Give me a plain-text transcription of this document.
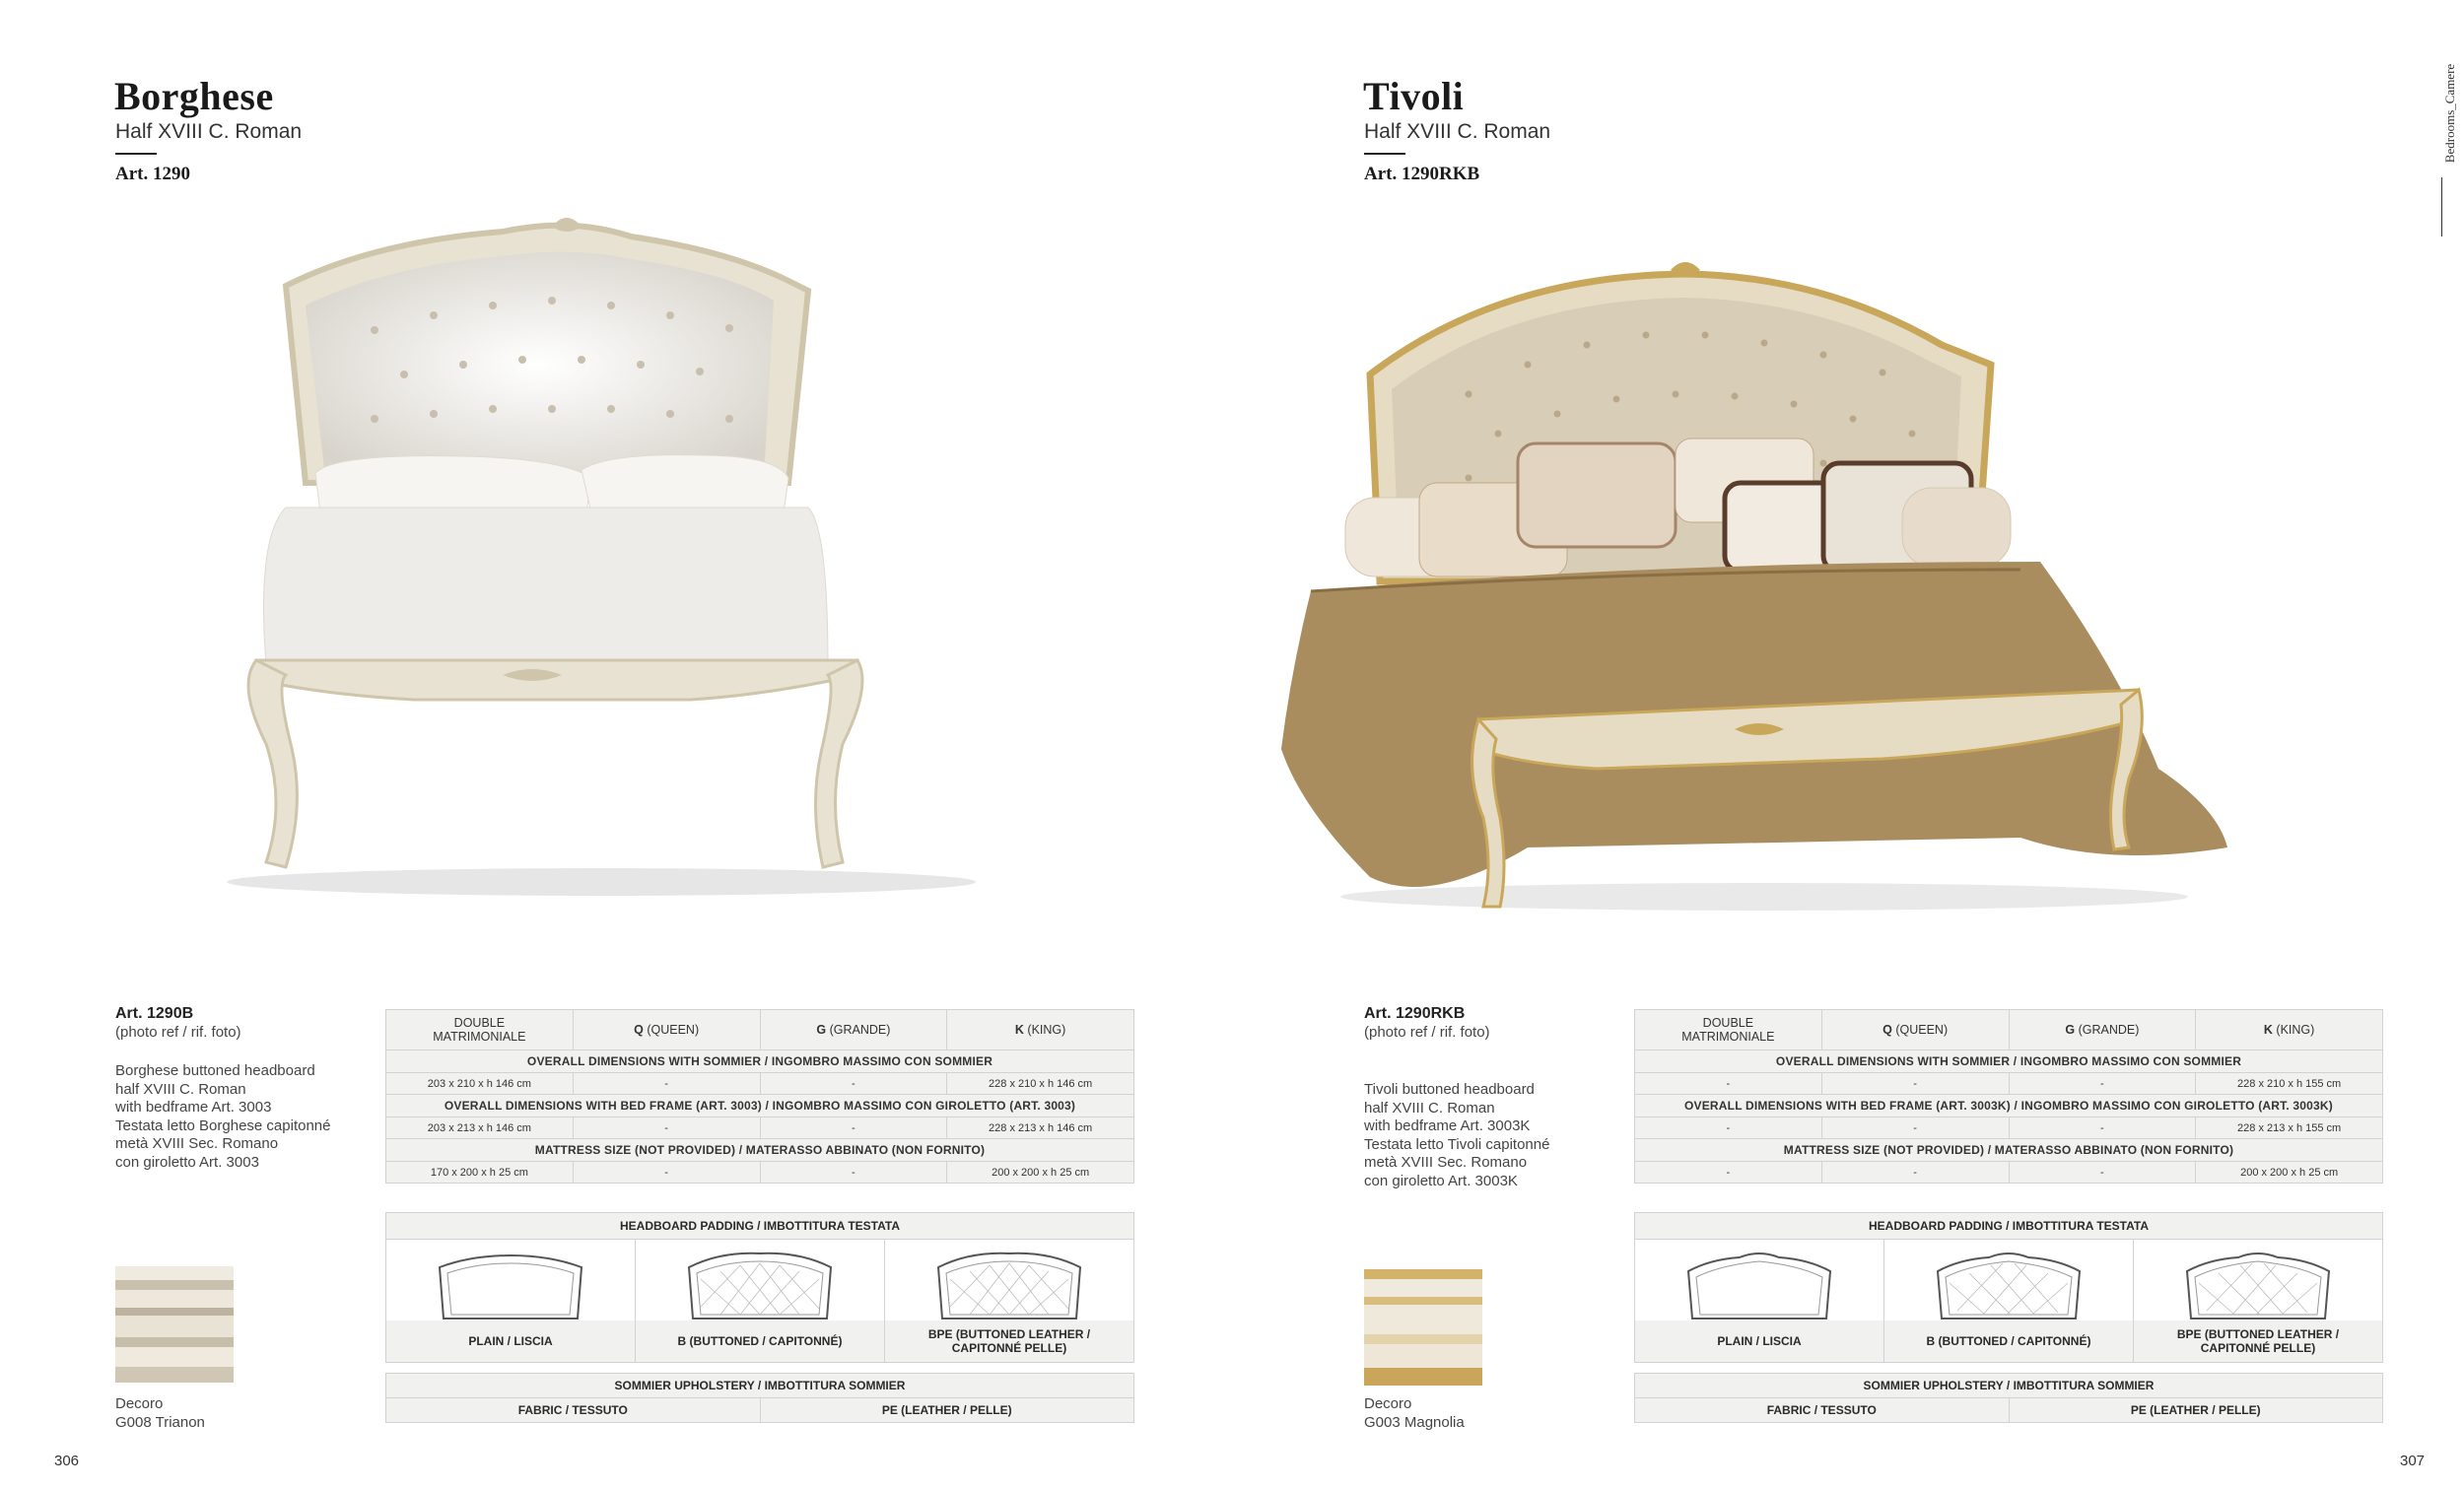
Borghese
Half XVIII C. Roman
Art. 1290
Art. 1290B
(photo ref / rif. foto)
Borghese buttoned headboard
half XVIII C. Roman
with bedframe Art. 3003
Testata letto Borghese capitonné
metà XVIII Sec. Romano
con giroletto Art. 3003
Decoro
G008 Trianon
DOUBLE
MATRIMONIALE	Q (QUEEN)	G (GRANDE)	K (KING)
OVERALL DIMENSIONS WITH SOMMIER / INGOMBRO MASSIMO CON SOMMIER			
203 x 210 x h 146 cm	-	-	228 x 210 x h 146 cm
OVERALL DIMENSIONS WITH BED FRAME (ART. 3003) / INGOMBRO MASSIMO CON GIROLETTO (ART. 3003)			
203 x 213 x h 146 cm	-	-	228 x 213 x h 146 cm
MATTRESS SIZE (NOT PROVIDED) / MATERASSO ABBINATO (NON FORNITO)			
170 x 200 x h 25 cm	-	-	200 x 200 x h 25 cm
HEADBOARD PADDING / IMBOTTITURA TESTATA
PLAIN / LISCIA	B (BUTTONED / CAPITONNÉ)	BPE (BUTTONED LEATHER /
CAPITONNÉ PELLE)
SOMMIER UPHOLSTERY / IMBOTTITURA SOMMIER
FABRIC / TESSUTO	PE (LEATHER / PELLE)
306
Tivoli
Half XVIII C. Roman
Art. 1290RKB
Art. 1290RKB
(photo ref / rif. foto)
Tivoli buttoned headboard
half XVIII C. Roman
with bedframe Art. 3003K
Testata letto Tivoli capitonné
metà XVIII Sec. Romano
con giroletto Art. 3003K
Decoro
G003 Magnolia
DOUBLE
MATRIMONIALE	Q (QUEEN)	G (GRANDE)	K (KING)
OVERALL DIMENSIONS WITH SOMMIER / INGOMBRO MASSIMO CON SOMMIER			
-	-	-	228 x 210 x h 155 cm
OVERALL DIMENSIONS WITH BED FRAME (ART. 3003K) / INGOMBRO MASSIMO CON GIROLETTO (ART. 3003K)			
-	-	-	228 x 213 x h 155 cm
MATTRESS SIZE (NOT PROVIDED) / MATERASSO ABBINATO (NON FORNITO)			
-	-	-	200 x 200 x h 25 cm
HEADBOARD PADDING / IMBOTTITURA TESTATA
PLAIN / LISCIA	B (BUTTONED / CAPITONNÉ)	BPE (BUTTONED LEATHER /
CAPITONNÉ PELLE)
SOMMIER UPHOLSTERY / IMBOTTITURA SOMMIER
FABRIC / TESSUTO	PE (LEATHER / PELLE)
307
Bedrooms_Camere
